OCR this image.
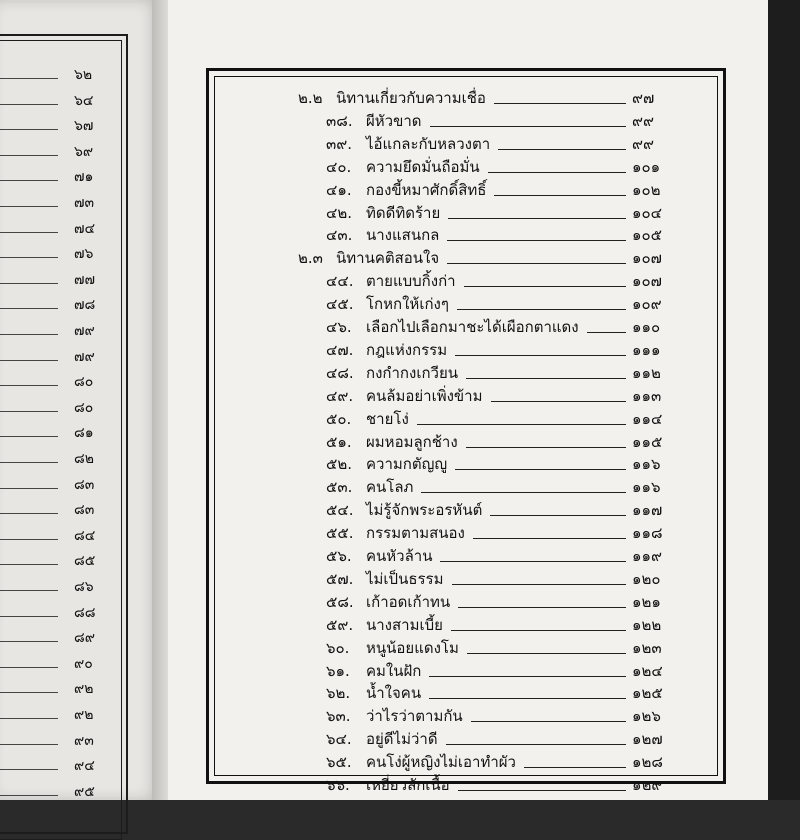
๖๒
๖๔
๖๗
๖๙
๗๑
๗๓
๗๔
๗๖
๗๗
๗๘
๗๙
๗๙
๘๐
๘๐
๘๑
๘๒
๘๓
๘๓
๘๔
๘๕
๘๖
๘๘
๘๙
๙๐
๙๒
๙๒
๙๓
๙๔
๙๕
๒.๒ นิทานเกี่ยวกับความเชื่อ	๙๗
๓๘. ผีหัวขาด	๙๙
๓๙. ไอ้แกละกับหลวงตา	๙๙
๔๐. ความยึดมั่นถือมั่น	๑๐๑
๔๑. กองขี้หมาศักดิ์สิทธิ์	๑๐๒
๔๒. ทิดดีทิดร้าย	๑๐๔
๔๓. นางแสนกล	๑๐๕
๒.๓ นิทานคติสอนใจ	๑๐๗
๔๔. ตายแบบกิ้งก่า	๑๐๗
๔๕. โกหกให้เก่งๆ	๑๐๙
๔๖. เลือกไปเลือกมาชะได้เผือกตาแดง	๑๑๐
๔๗. กฎแห่งกรรม	๑๑๑
๔๘. กงกำกงเกวียน	๑๑๒
๔๙. คนล้มอย่าเพิ่งข้าม	๑๑๓
๕๐. ชายโง่	๑๑๔
๕๑. ผมหอมลูกช้าง	๑๑๕
๕๒. ความกตัญญู	๑๑๖
๕๓. คนโลภ	๑๑๖
๕๔. ไม่รู้จักพระอรหันต์	๑๑๗
๕๕. กรรมตามสนอง	๑๑๘
๕๖. คนหัวล้าน	๑๑๙
๕๗. ไม่เป็นธรรม	๑๒๐
๕๘. เก้าอดเก้าทน	๑๒๑
๕๙. นางสามเบี้ย	๑๒๒
๖๐. หนูน้อยแดงโม	๑๒๓
๖๑. คมในฝัก	๑๒๔
๖๒. น้ำใจคน	๑๒๕
๖๓. ว่าไรว่าตามกัน	๑๒๖
๖๔. อยู่ดีไม่ว่าดี	๑๒๗
๖๕. คนโง่ผู้หญิงไม่เอาทำผัว	๑๒๘
๖๖. เหยี่ยวลักเนื้อ	๑๒๙
